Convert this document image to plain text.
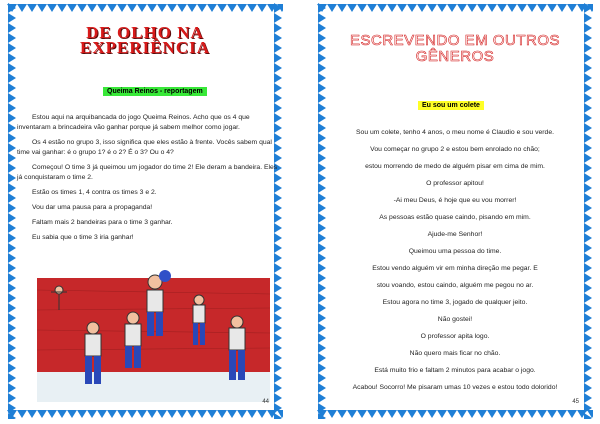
DE OLHO NA
EXPERIÊNCIA
Queima Reinos - reportagem

Estou aqui na arquibancada do jogo Queima Reinos. Acho que os 4 que inventaram a brincadeira vão ganhar porque já sabem melhor como jogar.

Os 4 estão no grupo 3, isso significa que eles estão à frente. Vocês sabem qual time vai ganhar: é o grupo 1? é o 2? É o 3? Ou o 4?

Começou! O time 3 já queimou um jogador do time 2! Ele deram a bandeira. Eles já conquistaram o time 2.

Estão os times 1, 4 contra os times 3 e 2.

Vou dar uma pausa para a propaganda!

Faltam mais 2 bandeiras para o time 3 ganhar.

Eu sabia que o time 3 iria ganhar!

44
ESCREVENDO EM OUTROS
GÊNEROS
Eu sou um colete

Sou um colete, tenho 4 anos, o meu nome é Claudio e sou verde.

Vou começar no grupo 2 e estou bem enrolado no chão;

estou morrendo de medo de alguém pisar em cima de mim.

O professor apitou!

-Ai meu Deus, é hoje que eu vou morrer!

As pessoas estão quase caindo, pisando em mim.

Ajude-me Senhor!

Queimou uma pessoa do time.

Estou vendo alguém vir em minha direção me pegar. E

stou voando, estou caindo, alguém me pegou no ar.

Estou agora no time 3, jogado de qualquer jeito.

Não gostei!

O professor apita logo.

Não quero mais ficar no chão.

Está muito frio e faltam 2 minutos para acabar o jogo.

Acabou! Socorro! Me pisaram umas 10 vezes e estou todo dolorido!

45
